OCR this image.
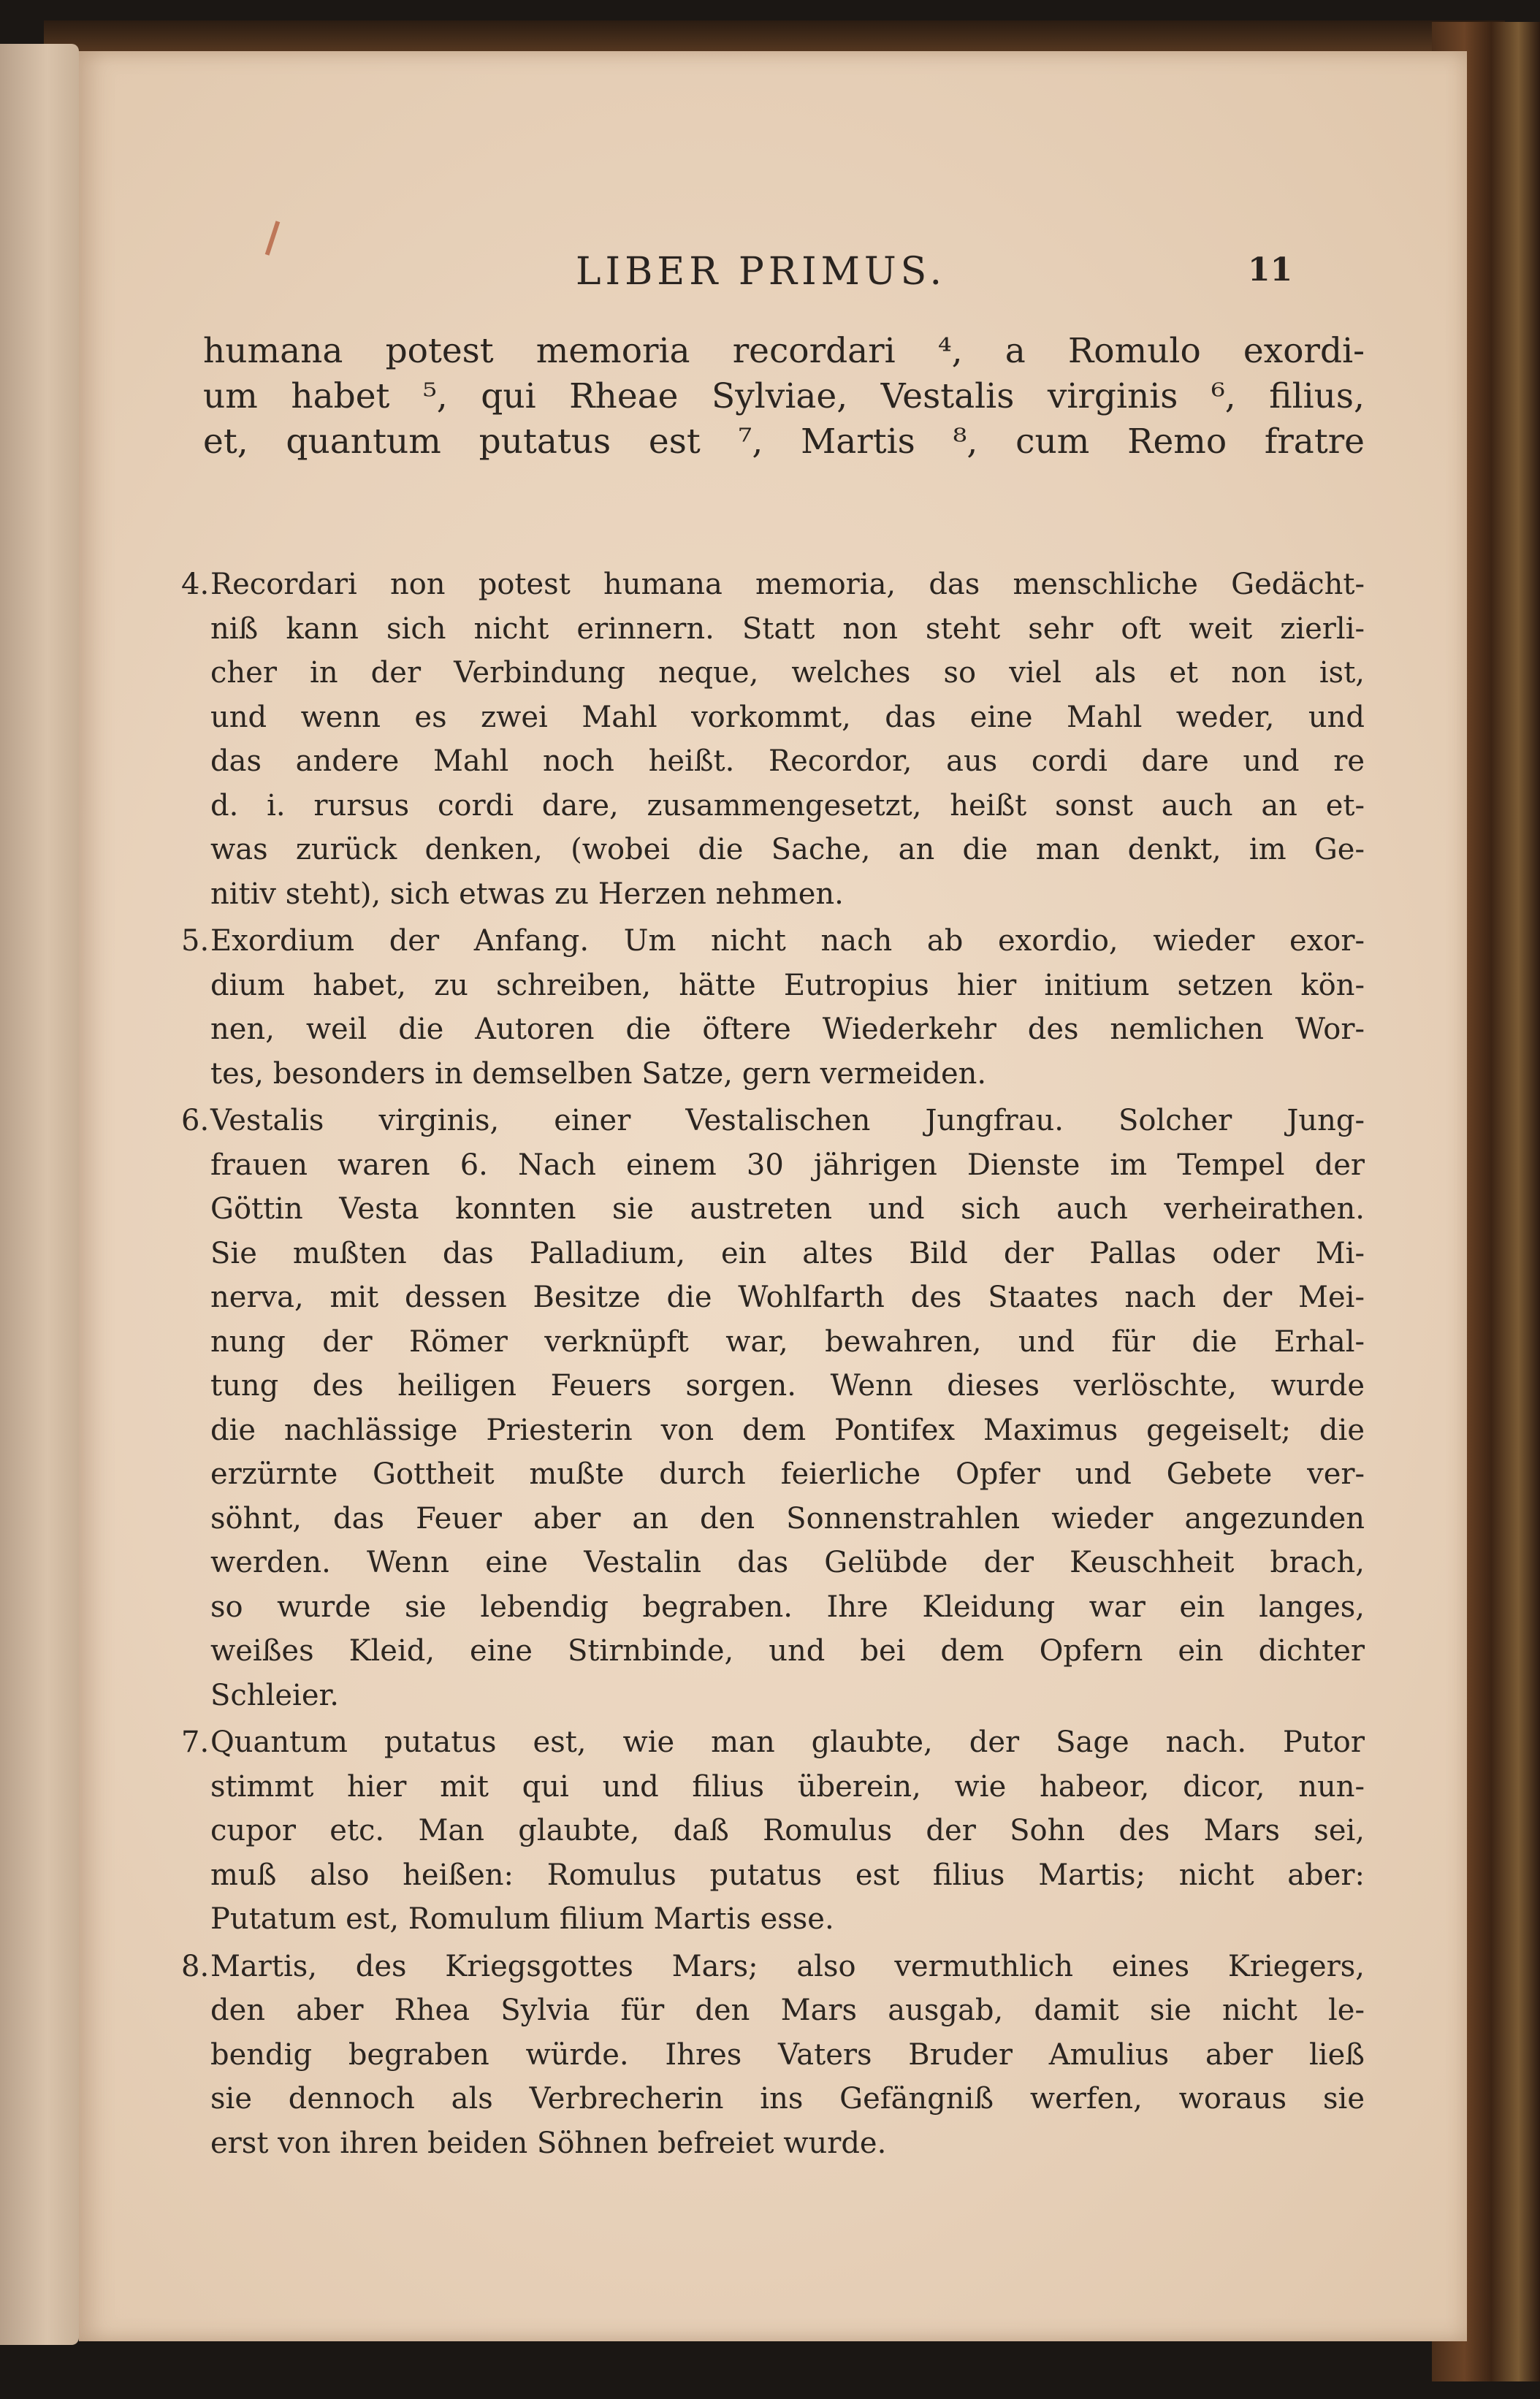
LIBER PRIMUS.	11
humana potest memoria recordari ⁴, a Romulo exordi-
um habet ⁵, qui Rheae Sylviae, Vestalis virginis ⁶, filius,
et, quantum putatus est ⁷, Martis ⁸, cum Remo fratre
4. Recordari non potest humana memoria, das menschliche Gedächt-
niß kann sich nicht erinnern. Statt non steht sehr oft weit zierli-
cher in der Verbindung neque, welches so viel als et non ist,
und wenn es zwei Mahl vorkommt, das eine Mahl weder, und
das andere Mahl noch heißt. Recordor, aus cordi dare und re
d. i. rursus cordi dare, zusammengesetzt, heißt sonst auch an et-
was zurück denken, (wobei die Sache, an die man denkt, im Ge-
nitiv steht), sich etwas zu Herzen nehmen.
5. Exordium der Anfang. Um nicht nach ab exordio, wieder exor-
dium habet, zu schreiben, hätte Eutropius hier initium setzen kön-
nen, weil die Autoren die öftere Wiederkehr des nemlichen Wor-
tes, besonders in demselben Satze, gern vermeiden.
6. Vestalis virginis, einer Vestalischen Jungfrau. Solcher Jung-
frauen waren 6. Nach einem 30 jährigen Dienste im Tempel der
Göttin Vesta konnten sie austreten und sich auch verheirathen.
Sie mußten das Palladium, ein altes Bild der Pallas oder Mi-
nerva, mit dessen Besitze die Wohlfarth des Staates nach der Mei-
nung der Römer verknüpft war, bewahren, und für die Erhal-
tung des heiligen Feuers sorgen. Wenn dieses verlöschte, wurde
die nachlässige Priesterin von dem Pontifex Maximus gegeiselt; die
erzürnte Gottheit mußte durch feierliche Opfer und Gebete ver-
söhnt, das Feuer aber an den Sonnenstrahlen wieder angezunden
werden. Wenn eine Vestalin das Gelübde der Keuschheit brach,
so wurde sie lebendig begraben. Ihre Kleidung war ein langes,
weißes Kleid, eine Stirnbinde, und bei dem Opfern ein dichter
Schleier.
7. Quantum putatus est, wie man glaubte, der Sage nach. Putor
stimmt hier mit qui und filius überein, wie habeor, dicor, nun-
cupor etc. Man glaubte, daß Romulus der Sohn des Mars sei,
muß also heißen: Romulus putatus est filius Martis; nicht aber:
Putatum est, Romulum filium Martis esse.
8. Martis, des Kriegsgottes Mars; also vermuthlich eines Kriegers,
den aber Rhea Sylvia für den Mars ausgab, damit sie nicht le-
bendig begraben würde. Ihres Vaters Bruder Amulius aber ließ
sie dennoch als Verbrecherin ins Gefängniß werfen, woraus sie
erst von ihren beiden Söhnen befreiet wurde.
